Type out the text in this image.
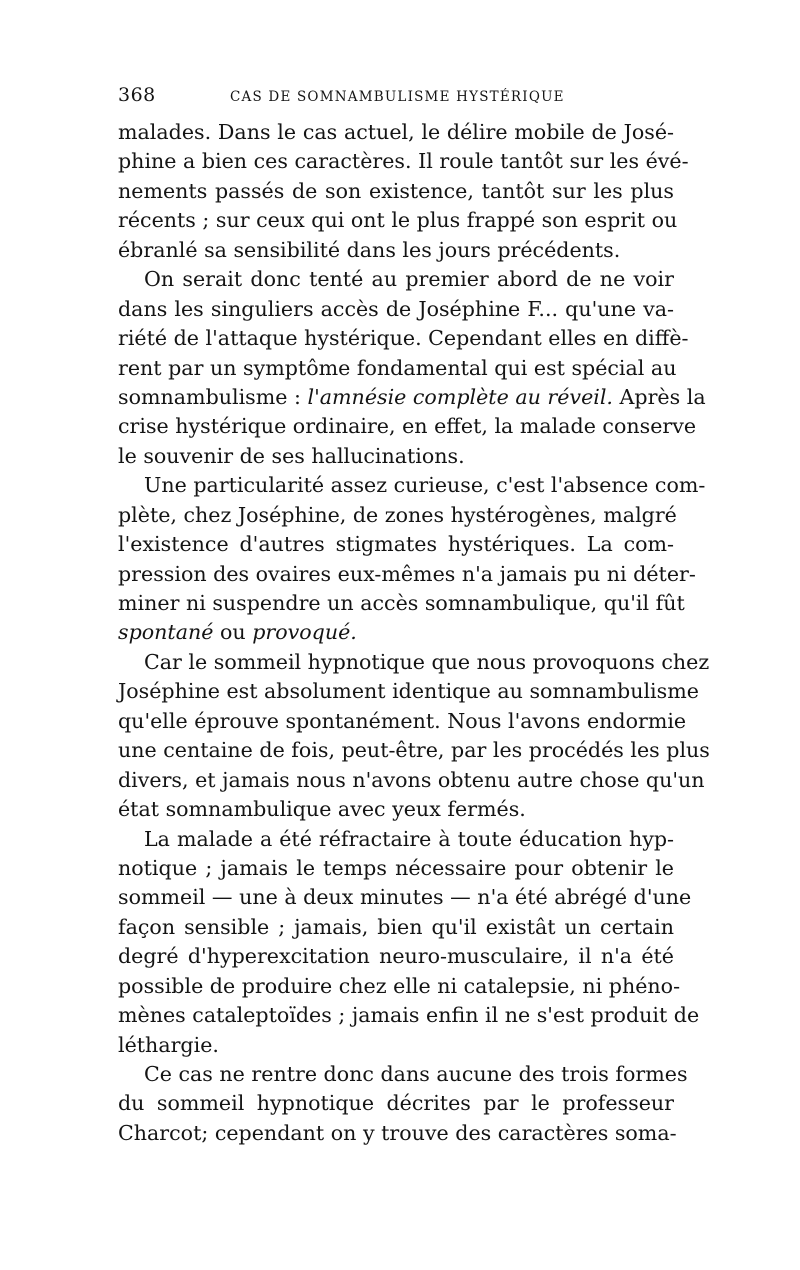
368	CAS DE SOMNAMBULISME HYSTÉRIQUE
malades. Dans le cas actuel, le délire mobile de José-
phine a bien ces caractères. Il roule tantôt sur les évé-
nements passés de son existence, tantôt sur les plus
récents ; sur ceux qui ont le plus frappé son esprit ou
ébranlé sa sensibilité dans les jours précédents.
On serait donc tenté au premier abord de ne voir
dans les singuliers accès de Joséphine F... qu'une va-
riété de l'attaque hystérique. Cependant elles en diffè-
rent par un symptôme fondamental qui est spécial au
somnambulisme : l'amnésie complète au réveil. Après la
crise hystérique ordinaire, en effet, la malade conserve
le souvenir de ses hallucinations.
Une particularité assez curieuse, c'est l'absence com-
plète, chez Joséphine, de zones hystérogènes, malgré
l'existence d'autres stigmates hystériques. La com-
pression des ovaires eux-mêmes n'a jamais pu ni déter-
miner ni suspendre un accès somnambulique, qu'il fût
spontané ou provoqué.
Car le sommeil hypnotique que nous provoquons chez
Joséphine est absolument identique au somnambulisme
qu'elle éprouve spontanément. Nous l'avons endormie
une centaine de fois, peut-être, par les procédés les plus
divers, et jamais nous n'avons obtenu autre chose qu'un
état somnambulique avec yeux fermés.
La malade a été réfractaire à toute éducation hyp-
notique ; jamais le temps nécessaire pour obtenir le
sommeil — une à deux minutes — n'a été abrégé d'une
façon sensible ; jamais, bien qu'il existât un certain
degré d'hyperexcitation neuro-musculaire, il n'a été
possible de produire chez elle ni catalepsie, ni phéno-
mènes cataleptoïdes ; jamais enfin il ne s'est produit de
léthargie.
Ce cas ne rentre donc dans aucune des trois formes
du sommeil hypnotique décrites par le professeur
Charcot; cependant on y trouve des caractères soma-
